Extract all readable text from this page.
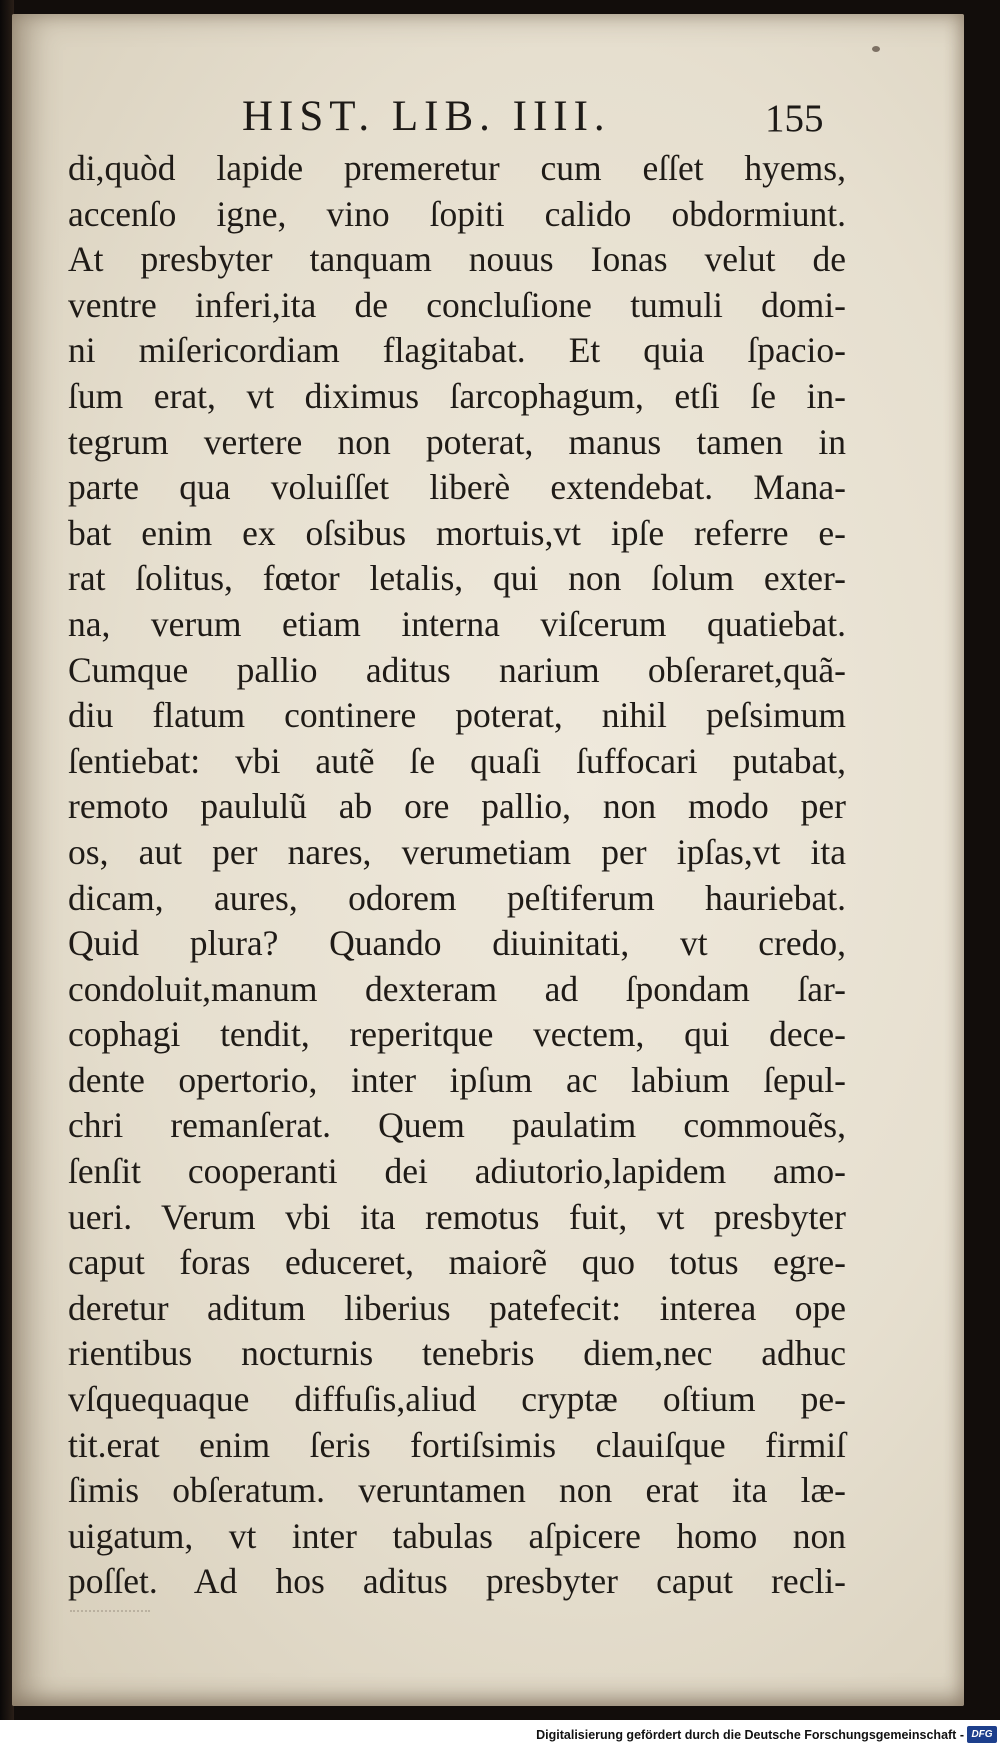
HIST. LIB. IIII.	155
di,quòd lapide premeretur cum eſſet hyems,
accenſo igne, vino ſopiti calido obdormiunt.
At presbyter tanquam nouus Ionas velut de
ventre inferi,ita de concluſione tumuli domi-
ni miſericordiam flagitabat. Et quia ſpacio-
ſum erat, vt diximus ſarcophagum, etſi ſe in-
tegrum vertere non poterat, manus tamen in
parte qua voluiſſet liberè extendebat. Mana-
bat enim ex oſsibus mortuis,vt ipſe referre e-
rat ſolitus, fœtor letalis, qui non ſolum exter-
na, verum etiam interna viſcerum quatiebat.
Cumque pallio aditus narium obſeraret,quã-
diu flatum continere poterat, nihil peſsimum
ſentiebat: vbi autẽ ſe quaſi ſuffocari putabat,
remoto paululũ ab ore pallio, non modo per
os, aut per nares, verumetiam per ipſas,vt ita
dicam, aures, odorem peſtiferum hauriebat.
Quid plura? Quando diuinitati, vt credo,
condoluit,manum dexteram ad ſpondam ſar-
cophagi tendit, reperitque vectem, qui dece-
dente opertorio, inter ipſum ac labium ſepul-
chri remanſerat. Quem paulatim commouẽs,
ſenſit cooperanti dei adiutorio,lapidem amo-
ueri. Verum vbi ita remotus fuit, vt presbyter
caput foras educeret, maiorẽ quo totus egre-
deretur aditum liberius patefecit: interea ope
rientibus nocturnis tenebris diem,nec adhuc
vſquequaque diffuſis,aliud cryptæ oſtium pe-
tit.erat enim ſeris fortiſsimis clauiſque firmiſ
ſimis obſeratum. veruntamen non erat ita læ-
uigatum, vt inter tabulas aſpicere homo non
poſſet. Ad hos aditus presbyter caput recli-
Digitalisierung gefördert durch die Deutsche Forschungsgemeinschaft - DFG
